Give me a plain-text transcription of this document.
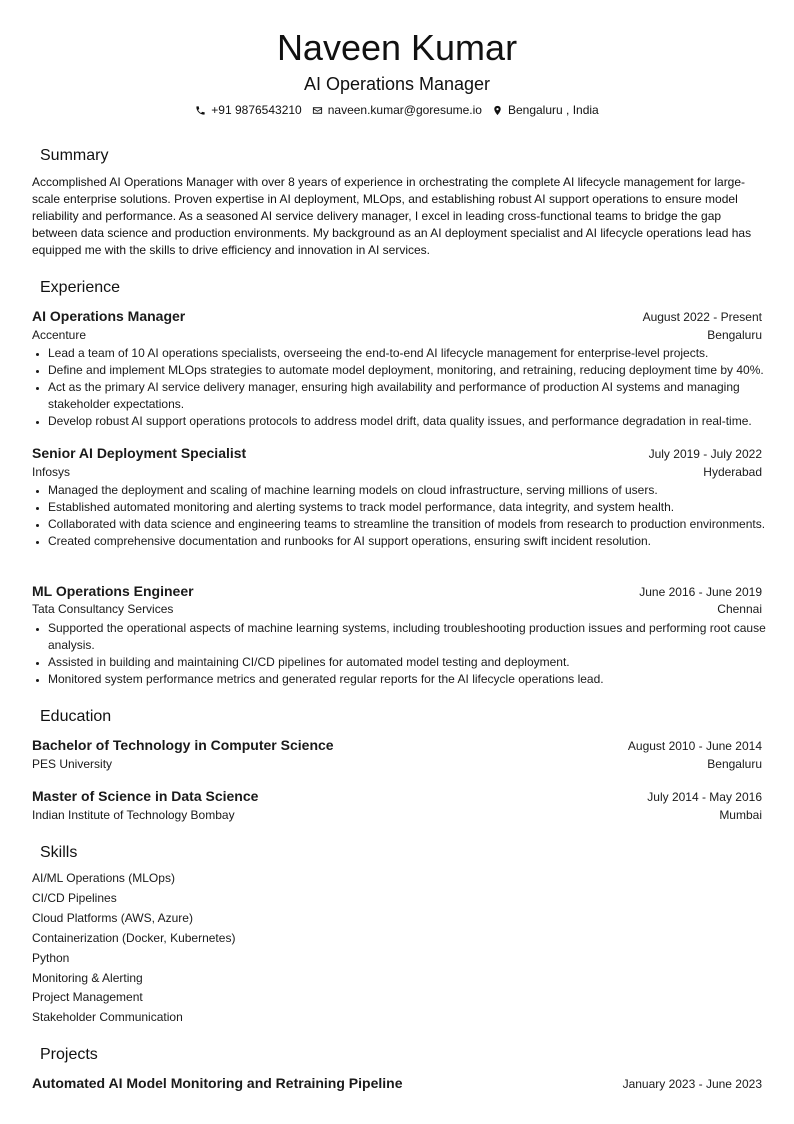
Naveen Kumar
AI Operations Manager
+91 9876543210 naveen.kumar@goresume.io Bengaluru , India
Summary
Accomplished AI Operations Manager with over 8 years of experience in orchestrating the complete AI lifecycle management for large-scale enterprise solutions. Proven expertise in AI deployment, MLOps, and establishing robust AI support operations to ensure model reliability and performance. As a seasoned AI service delivery manager, I excel in leading cross-functional teams to bridge the gap between data science and production environments. My background as an AI deployment specialist and AI lifecycle operations lead has equipped me with the skills to drive efficiency and innovation in AI services.
Experience
AI Operations Manager	August 2022 - Present
Accenture	Bengaluru
• Lead a team of 10 AI operations specialists, overseeing the end-to-end AI lifecycle management for enterprise-level projects.
• Define and implement MLOps strategies to automate model deployment, monitoring, and retraining, reducing deployment time by 40%.
• Act as the primary AI service delivery manager, ensuring high availability and performance of production AI systems and managing stakeholder expectations.
• Develop robust AI support operations protocols to address model drift, data quality issues, and performance degradation in real-time.
Senior AI Deployment Specialist	July 2019 - July 2022
Infosys	Hyderabad
• Managed the deployment and scaling of machine learning models on cloud infrastructure, serving millions of users.
• Established automated monitoring and alerting systems to track model performance, data integrity, and system health.
• Collaborated with data science and engineering teams to streamline the transition of models from research to production environments.
• Created comprehensive documentation and runbooks for AI support operations, ensuring swift incident resolution.
ML Operations Engineer	June 2016 - June 2019
Tata Consultancy Services	Chennai
• Supported the operational aspects of machine learning systems, including troubleshooting production issues and performing root cause analysis.
• Assisted in building and maintaining CI/CD pipelines for automated model testing and deployment.
• Monitored system performance metrics and generated regular reports for the AI lifecycle operations lead.
Education
Bachelor of Technology in Computer Science	August 2010 - June 2014
PES University	Bengaluru
Master of Science in Data Science	July 2014 - May 2016
Indian Institute of Technology Bombay	Mumbai
Skills
AI/ML Operations (MLOps)
CI/CD Pipelines
Cloud Platforms (AWS, Azure)
Containerization (Docker, Kubernetes)
Python
Monitoring & Alerting
Project Management
Stakeholder Communication
Projects
Automated AI Model Monitoring and Retraining Pipeline	January 2023 - June 2023
